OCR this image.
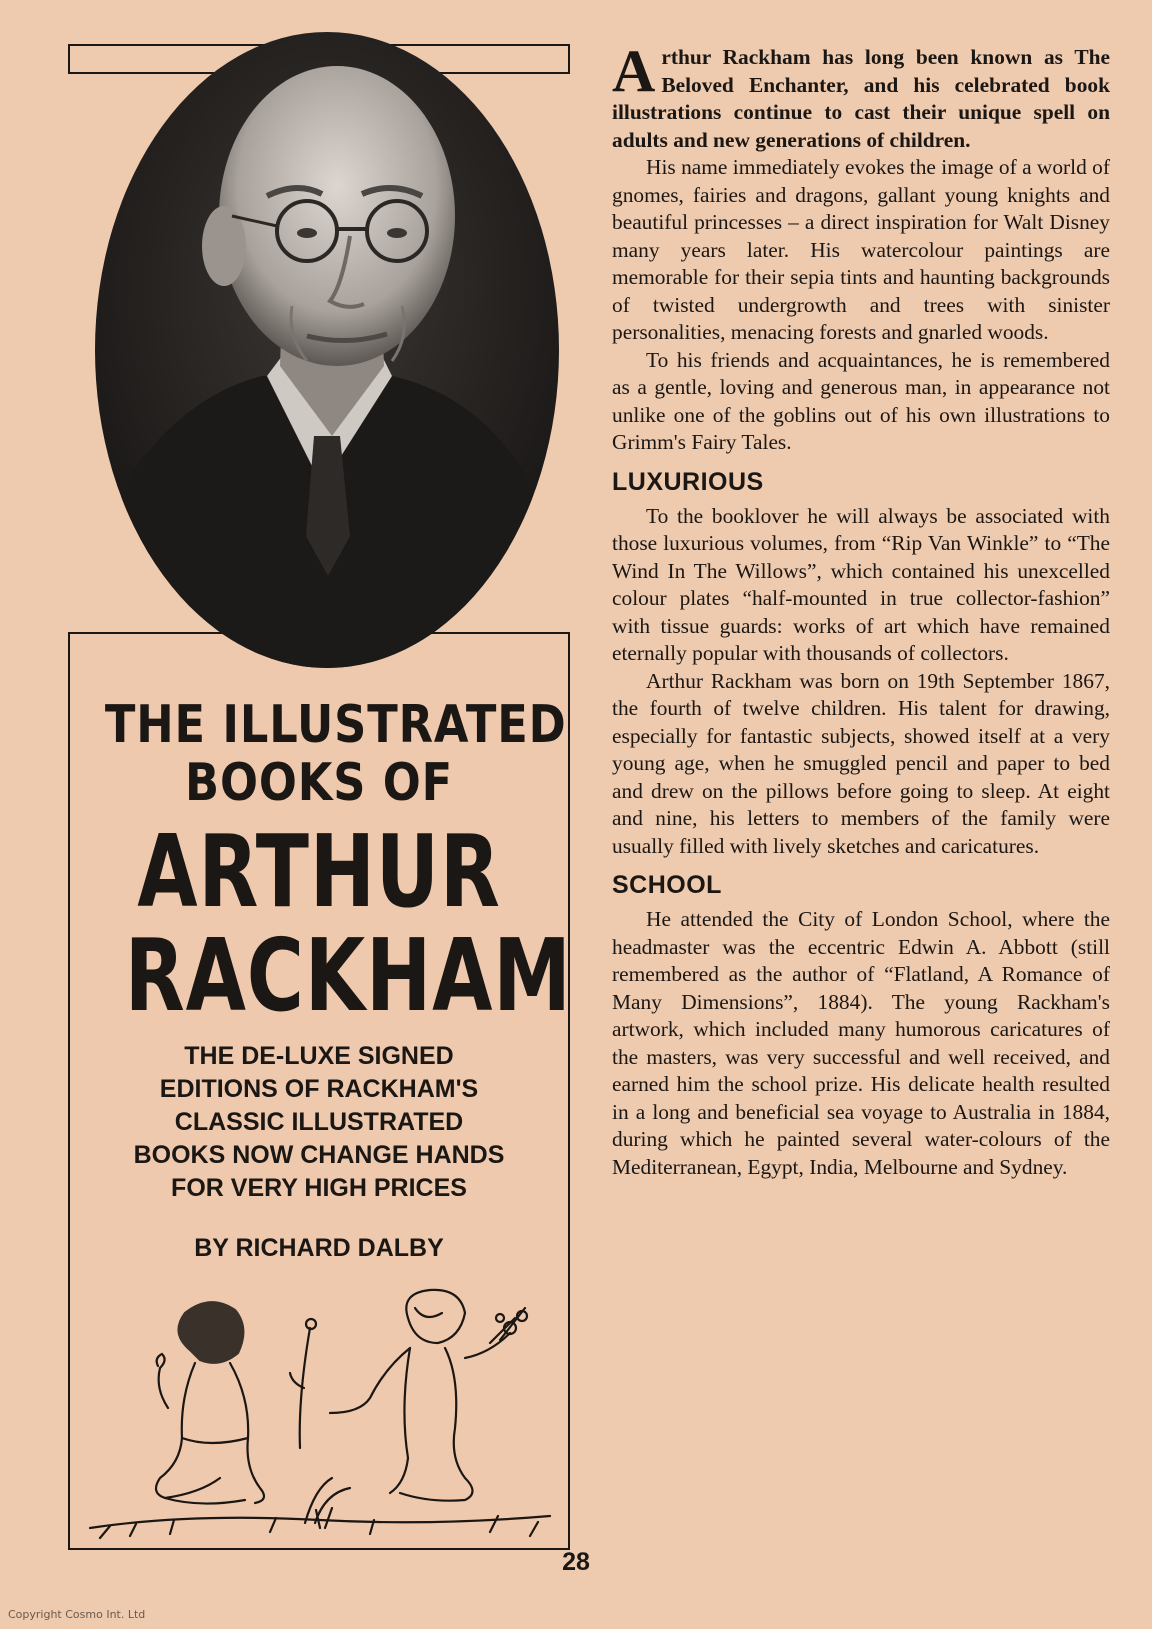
THE ILLUSTRATED
BOOKS OF
ARTHUR
RACKHAM
THE DE-LUXE SIGNED
EDITIONS OF RACKHAM'S
CLASSIC ILLUSTRATED
BOOKS NOW CHANGE HANDS
FOR VERY HIGH PRICES
BY RICHARD DALBY

Arthur Rackham has long been known as The Beloved Enchanter, and his celebrated book illustrations continue to cast their unique spell on adults and new generations of children.

His name immediately evokes the image of a world of gnomes, fairies and dragons, gallant young knights and beautiful princesses – a direct inspiration for Walt Disney many years later. His watercolour paintings are memorable for their sepia tints and haunting backgrounds of twisted undergrowth and trees with sinister personalities, menacing forests and gnarled woods.

To his friends and acquaintances, he is remembered as a gentle, loving and generous man, in appearance not unlike one of the goblins out of his own illustrations to Grimm's Fairy Tales.

LUXURIOUS

To the booklover he will always be associated with those luxurious volumes, from “Rip Van Winkle” to “The Wind In The Willows”, which contained his unexcelled colour plates “half-mounted in true collector-fashion” with tissue guards: works of art which have remained eternally popular with thousands of collectors.

Arthur Rackham was born on 19th September 1867, the fourth of twelve children. His talent for drawing, especially for fantastic subjects, showed itself at a very young age, when he smuggled pencil and paper to bed and drew on the pillows before going to sleep. At eight and nine, his letters to members of the family were usually filled with lively sketches and caricatures.

SCHOOL

He attended the City of London School, where the headmaster was the eccentric Edwin A. Abbott (still remembered as the author of “Flatland, A Romance of Many Dimensions”, 1884). The young Rackham's artwork, which included many humorous caricatures of the masters, was very successful and well received, and earned him the school prize. His delicate health resulted in a long and beneficial sea voyage to Australia in 1884, during which he painted several water-colours of the Mediterranean, Egypt, India, Melbourne and Sydney.

28
Copyright Cosmo Int. Ltd
